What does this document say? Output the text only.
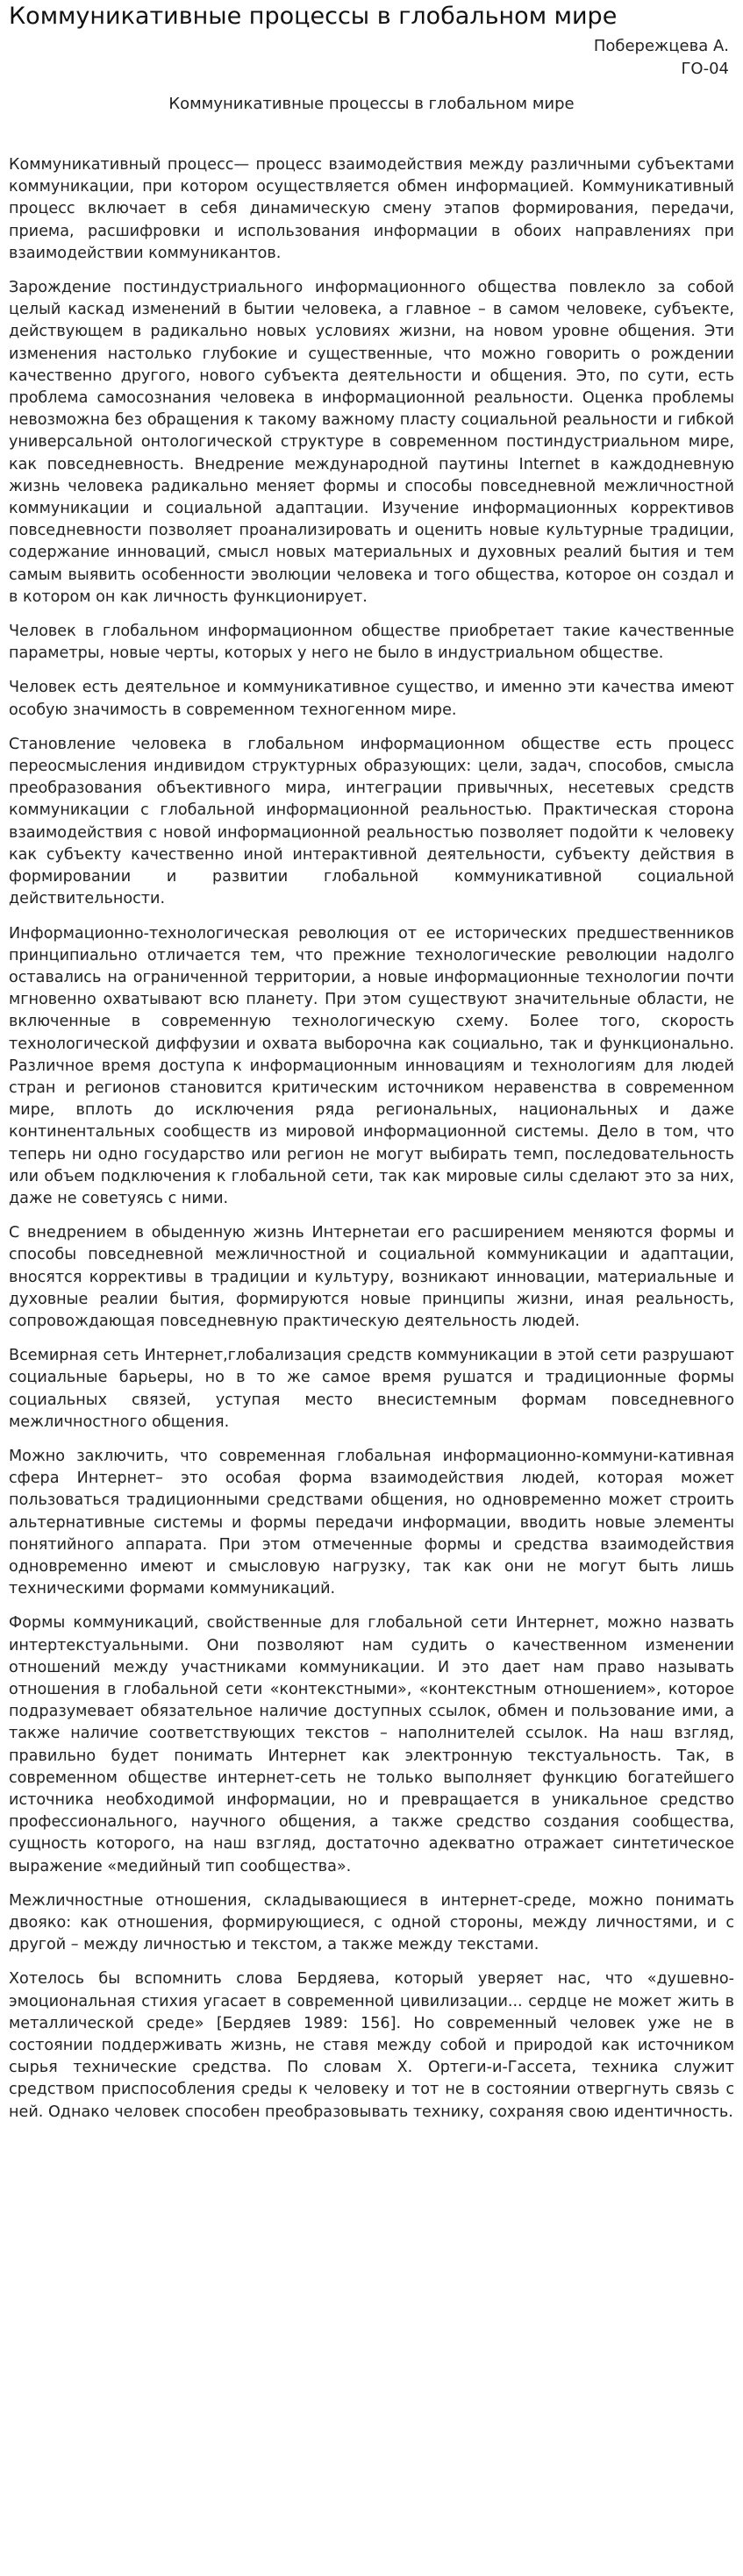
Коммуникативные процессы в глобальном мире
Побережцева А.
ГО-04
Коммуникативные процессы в глобальном мире

Коммуникативный процесс— процесс взаимодействия между различными субъектами коммуникации, при котором осуществляется обмен информацией. Коммуникативный процесс включает в себя динамическую смену этапов формирования, передачи, приема, расшифровки и использования информации в обоих направлениях при взаимодействии коммуникантов.

Зарождение постиндустриального информационного общества повлекло за собой целый каскад изменений в бытии человека, а главное – в самом человеке, субъекте, действующем в радикально новых условиях жизни, на новом уровне общения. Эти изменения настолько глубокие и существенные, что можно говорить о рождении качественно другого, нового субъекта деятельности и общения. Это, по сути, есть проблема самосознания человека в информационной реальности. Оценка проблемы невозможна без обращения к такому важному пласту социальной реальности и гибкой универсальной онтологической структуре в современном постиндустриальном мире, как повседневность. Внедрение международной паутины Internet в каждодневную жизнь человека радикально меняет формы и способы повседневной межличностной коммуникации и социальной адаптации. Изучение информационных коррективов повседневности позволяет проанализировать и оценить новые культурные традиции, содержание инноваций, смысл новых материальных и духовных реалий бытия и тем самым выявить особенности эволюции человека и того общества, которое он создал и в котором он как личность функционирует.

Человек в глобальном информационном обществе приобретает такие качественные параметры, новые черты, которых у него не было в индустриальном обществе.

Человек есть деятельное и коммуникативное существо, и именно эти качества имеют особую значимость в современном техногенном мире.

Становление человека в глобальном информационном обществе есть процесс переосмысления индивидом структурных образующих: цели, задач, способов, смысла преобразования объективного мира, интеграции привычных, несетевых средств коммуникации с глобальной информационной реальностью. Практическая сторона взаимодействия с новой информационной реальностью позволяет подойти к человеку как субъекту качественно иной интерактивной деятельности, субъекту действия в формировании и развитии глобальной коммуникативной социальной действительности.

Информационно-технологическая революция от ее исторических предшественников принципиально отличается тем, что прежние технологические революции надолго оставались на ограниченной территории, а новые информационные технологии почти мгновенно охватывают всю планету. При этом существуют значительные области, не включенные в современную технологическую схему. Более того, скорость технологической диффузии и охвата выборочна как социально, так и функционально. Различное время доступа к информационным инновациям и технологиям для людей стран и регионов становится критическим источником неравенства в современном мире, вплоть до исключения ряда региональных, национальных и даже континентальных сообществ из мировой информационной системы. Дело в том, что теперь ни одно государство или регион не могут выбирать темп, последовательность или объем подключения к глобальной сети, так как мировые силы сделают это за них, даже не советуясь с ними.

С внедрением в обыденную жизнь Интернетаи его расширением меняются формы и способы повседневной межличностной и социальной коммуникации и адаптации, вносятся коррективы в традиции и культуру, возникают инновации, материальные и духовные реалии бытия, формируются новые принципы жизни, иная реальность, сопровождающая повседневную практическую деятельность людей.

Всемирная сеть Интернет,глобализация средств коммуникации в этой сети разрушают социальные барьеры, но в то же самое время рушатся и традиционные формы социальных связей, уступая место внесистемным формам повседневного межличностного общения.

Можно заключить, что современная глобальная информационно-коммуни-кативная сфера Интернет– это особая форма взаимодействия людей, которая может пользоваться традиционными средствами общения, но одновременно может строить альтернативные системы и формы передачи информации, вводить новые элементы понятийного аппарата. При этом отмеченные формы и средства взаимодействия одновременно имеют и смысловую нагрузку, так как они не могут быть лишь техническими формами коммуникаций.

Формы коммуникаций, свойственные для глобальной сети Интернет, можно назвать интертекстуальными. Они позволяют нам судить о качественном изменении отношений между участниками коммуникации. И это дает нам право называть отношения в глобальной сети «контекстными», «контекстным отношением», которое подразумевает обязательное наличие доступных ссылок, обмен и пользование ими, а также наличие соответствующих текстов – наполнителей ссылок. На наш взгляд, правильно будет понимать Интернет как электронную текстуальность. Так, в современном обществе интернет-сеть не только выполняет функцию богатейшего источника необходимой информации, но и превращается в уникальное средство профессионального, научного общения, а также средство создания сообщества, сущность которого, на наш взгляд, достаточно адекватно отражает синтетическое выражение «медийный тип сообщества».

Межличностные отношения, складывающиеся в интернет-среде, можно понимать двояко: как отношения, формирующиеся, с одной стороны, между личностями, и с другой – между личностью и текстом, а также между текстами.

Хотелось бы вспомнить слова Бердяева, который уверяет нас, что «душевно-эмоциональная стихия угасает в современной цивилизации... сердце не может жить в металлической среде» [Бердяев 1989: 156]. Но современный человек уже не в состоянии поддерживать жизнь, не ставя между собой и природой как источником сырья технические средства. По словам Х. Ортеги-и-Гассета, техника служит средством приспособления среды к человеку и тот не в состоянии отвергнуть связь с ней. Однако человек способен преобразовывать технику, сохраняя свою идентичность.
